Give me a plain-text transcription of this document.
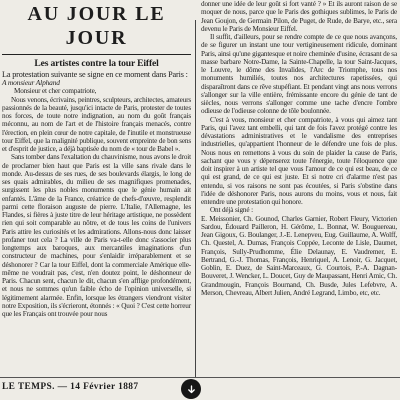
AU JOUR LE JOUR
Les artistes contre la tour Eiffel

La protestation suivante se signe en ce moment dans Paris :

A monsieur Alphand

Monsieur et cher compatriote,

Nous venons, écrivains, peintres, sculpteurs, architectes, amateurs passionnés de la beauté, jusqu'ici intacte de Paris, protester de toutes nos forces, de toute notre indignation, au nom du goût français méconnu, au nom de l'art et de l'histoire français menacés, contre l'érection, en plein cœur de notre capitale, de l'inutile et monstrueuse tour Eiffel, que la malignité publique, souvent empreinte de bon sens et d'esprit de justice, a déjà baptisée du nom de « tour de Babel ».

Sans tomber dans l'exaltation du chauvinisme, nous avons le droit de proclamer bien haut que Paris est la ville sans rivale dans le monde. Au-dessus de ses rues, de ses boulevards élargis, le long de ses quais admirables, du milieu de ses magnifiques promenades, surgissent les plus nobles monuments que le génie humain ait enfantés. L'âme de la France, créatrice de chefs-d'œuvre, resplendit parmi cette floraison auguste de pierre. L'Italie, l'Allemagne, les Flandes, si fières à juste titre de leur héritage artistique, ne possèdent rien qui soit comparable au nôtre, et de tous les coins de l'univers Paris attire les curiosités et les admirations. Allons-nous donc laisser profaner tout cela ? La ville de Paris va-t-elle donc s'associer plus longtemps aux baroques, aux mercantiles imaginations d'un constructeur de machines, pour s'enlaidir irréparablement et se déshonorer ? Car la tour Eiffel, dont la commerciale Amérique elle-même ne voudrait pas, c'est, n'en doutez point, le déshonneur de Paris. Chacun sent, chacun le dit, chacun s'en afflige profondément, et nous ne sommes qu'un faible écho de l'opinion universelle, si légitimement alarmée. Enfin, lorsque les étrangers viendront visiter notre Exposition, ils s'écrieront, étonnés : « Quoi ? C'est cette horreur que les Français ont trouvée pour nous

donner une idée de leur goût si fort vanté ? » Et ils auront raison de se moquer de nous, parce que le Paris des gothiques sublimes, le Paris de Jean Goujon, de Germain Pilon, de Puget, de Rude, de Barye, etc., sera devenu le Paris de Monsieur Eiffel.

Il suffit, d'ailleurs, pour se rendre compte de ce que nous avançons, de se figurer un instant une tour vertigineusement ridicule, dominant Paris, ainsi qu'une gigantesque et noire cheminée d'usine, écrasant de sa masse barbare Notre-Dame, la Sainte-Chapelle, la tour Saint-Jacques, le Louvre, le dôme des Invalides, l'Arc de Triomphe, tous nos monuments humiliés, toutes nos architectures rapetissées, qui disparaîtront dans ce rêve stupéfiant. Et pendant vingt ans nous verrons s'allonger sur la ville entière, frémissante encore du génie de tant de siècles, nous verrons s'allonger comme une tache d'encre l'ombre odieuse de l'odieuse colonne de tôle boulonnée.

C'est à vous, monsieur et cher compatriote, à vous qui aimez tant Paris, qui l'avez tant embelli, qui tant de fois l'avez protégé contre les dévastations administratives et le vandalisme des entreprises industrielles, qu'appartient l'honneur de le défendre une fois de plus. Nous nous en remettons à vous du soin de plaider la cause de Paris, sachant que vous y dépenserez toute l'énergie, toute l'éloquence que doit inspirer à un artiste tel que vous l'amour de ce qui est beau, de ce qui est grand, de ce qui est juste. Et si notre cri d'alarme n'est pas entendu, si vos raisons ne sont pas écoutées, si Paris s'obstine dans l'idée de déshonorer Paris, nous aurons du moins, vous et nous, fait entendre une protestation qui honore.

Ont déjà signé :

E. Meissonier, Ch. Gounod, Charles Garnier, Robert Fleury, Victorien Sardou, Édouard Pailleron, H. Gérôme, L. Bonnat, W. Bouguereau, Jean Gigoux, G. Boulanger, J.-E. Lenepveu, Eug. Guillaume, A. Wolff, Ch. Questel, A. Dumas, François Coppée, Leconte de Lisle, Daumet, François, Sully-Prudhomme, Élie Delaunay, E. Vaudremer, E. Bertrand, G.-J. Thomas, François, Henriquel, A. Lenoir, G. Jacquet, Goblin, E. Duez, de Saint-Marceaux, G. Courtois, P.-A. Dagnan-Bouveret, J. Wencker, L. Doucet, Guy de Maupassant, Henri Amic, Ch. Grandmougin, François Bournand, Ch. Busde, Jules Lefebvre, A. Merson, Chevreau, Albert Julien, André Legrand, Limbo, etc, etc.

LE TEMPS. — 14 Février 1887
